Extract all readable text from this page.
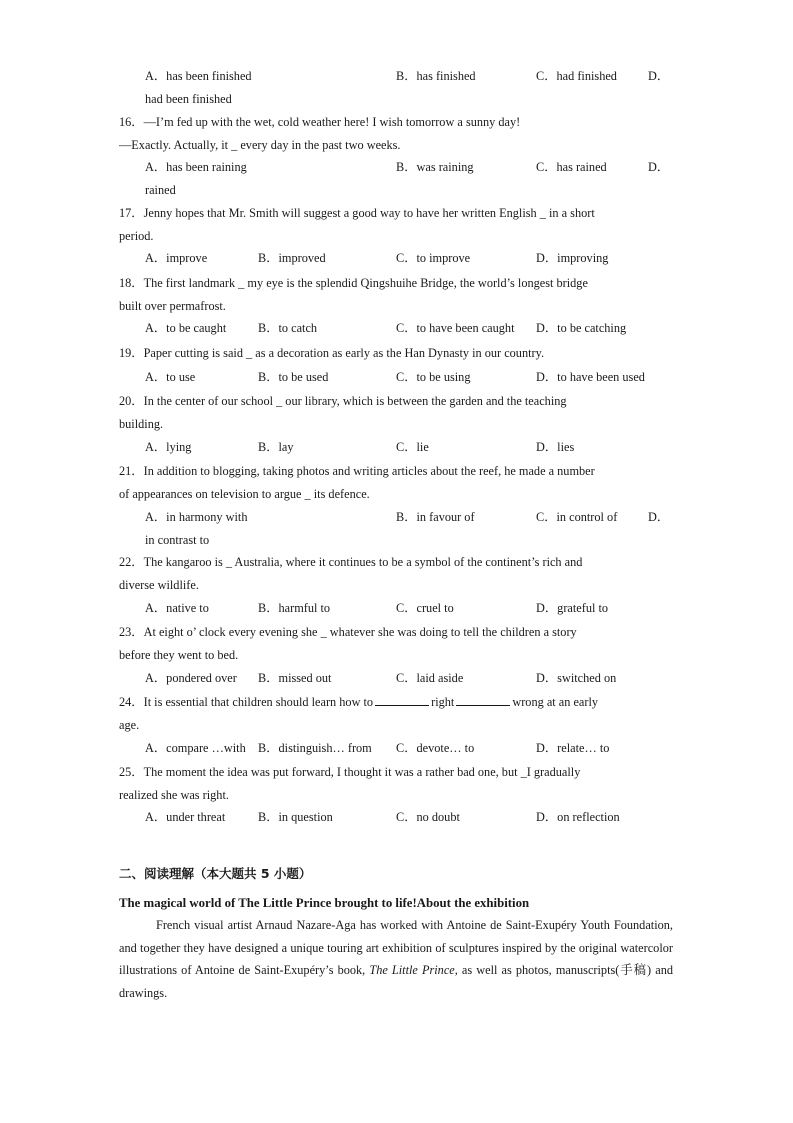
A．has been finished	B．has finished	C．had finished	D．
had been finished
16．—I’m fed up with the wet, cold weather here! I wish tomorrow a sunny day!
—Exactly. Actually, it _ every day in the past two weeks.
A．has been raining	B．was raining	C．has rained	D．
rained
17．Jenny hopes that Mr. Smith will suggest a good way to have her written English _ in a short
period.
A．improve	B．improved	C．to improve	D．improving
18．The first landmark _ my eye is the splendid Qingshuihe Bridge, the world’s longest bridge
built over permafrost.
A．to be caught	B．to catch	C．to have been caught D．to be catching
19．Paper cutting is said _ as a decoration as early as the Han Dynasty in our country.
A．to use	B．to be used	C．to be using	D．to have been used
20．In the center of our school _ our library, which is between the garden and the teaching
building.
A．lying	B．lay	C．lie	D．lies
21．In addition to blogging, taking photos and writing articles about the reef, he made a number
of appearances on television to argue _ its defence.
A．in harmony with	B．in favour of	C．in control of D．
in contrast to
22．The kangaroo is _ Australia, where it continues to be a symbol of the continent’s rich and
diverse wildlife.
A．native to	B．harmful to	C．cruel to	D．grateful to
23．At eight o’ clock every evening she _ whatever she was doing to tell the children a story
before they went to bed.
A．pondered over B．missed out	C．laid aside	D．switched on
24．It is essential that children should learn how to	right	wrong at an early
age.
A．compare …with B．distinguish… from C．devote… to	D．relate… to
25．The moment the idea was put forward, I thought it was a rather bad one, but _I gradually
realized she was right.
A．under threat	B．in question	C．no doubt	D．on reflection
二、阅读理解（本大题共 5 小题）
The magical world of The Little Prince brought to life!About the exhibition
French visual artist Arnaud Nazare-Aga has worked with Antoine de Saint-Exupéry Youth Foundation, and together they have designed a unique touring art exhibition of sculptures inspired by the original watercolor illustrations of Antoine de Saint-Exupéry’s book, The Little Prince, as well as photos, manuscripts(手稿) and drawings.
